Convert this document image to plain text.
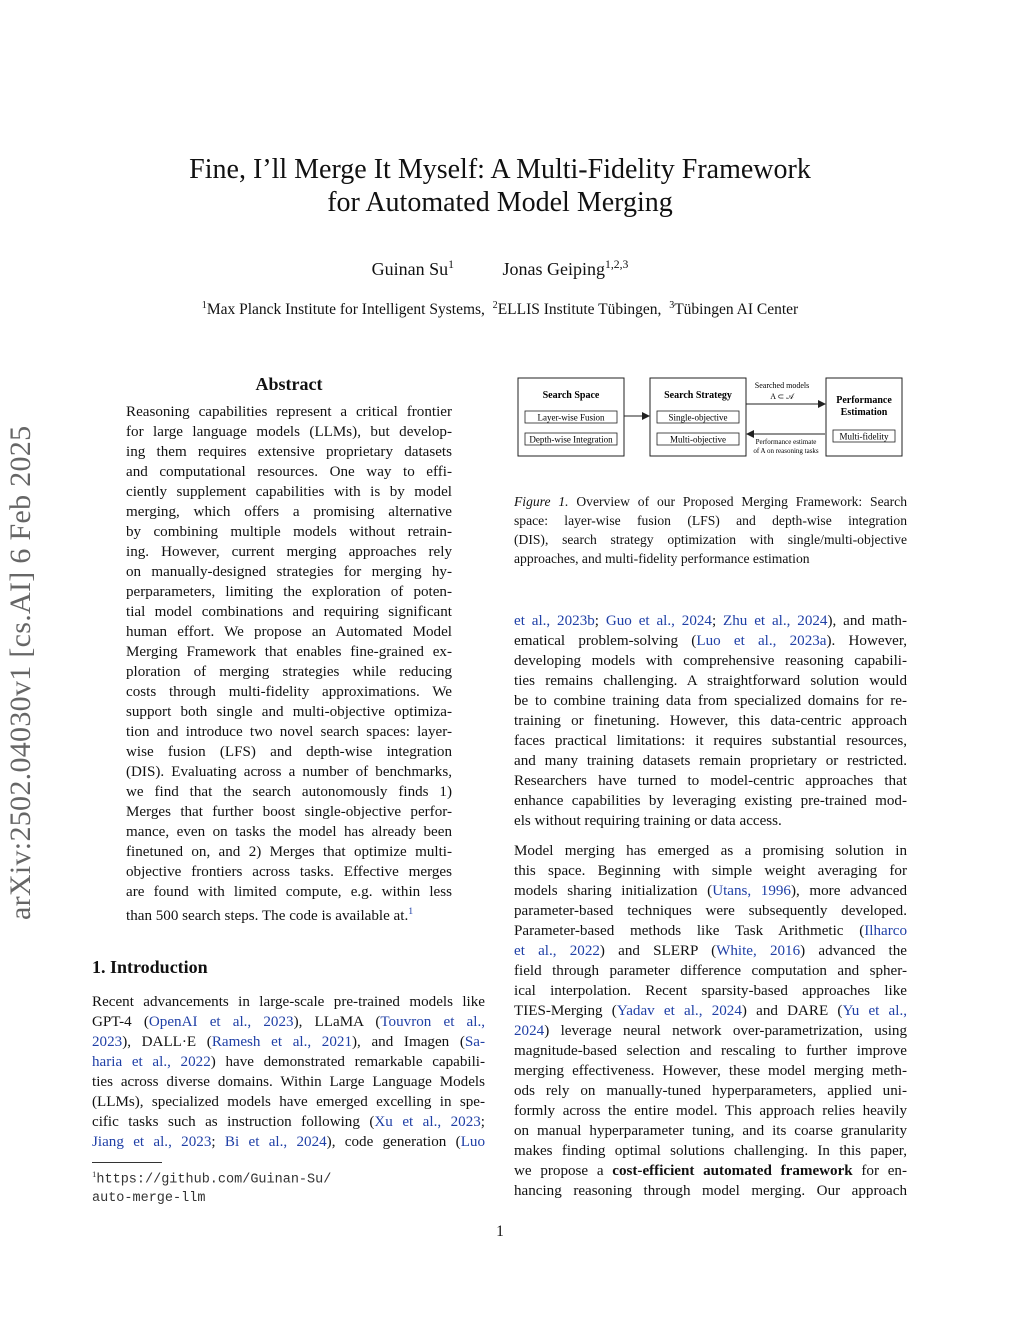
arXiv:2502.04030v1 [cs.AI] 6 Feb 2025
Fine, I’ll Merge It Myself: A Multi-Fidelity Framework
for Automated Model Merging
Guinan Su$^1$	Jonas Geiping$^{1,2,3}$
$^1$Max Planck Institute for Intelligent Systems, $^2$ELLIS Institute Tübingen, $^3$Tübingen AI Center
Abstract
Reasoning capabilities represent a critical frontier
for large language models (LLMs), but develop-
ing them requires extensive proprietary datasets
and computational resources. One way to effi-
ciently supplement capabilities with is by model
merging, which offers a promising alternative
by combining multiple models without retrain-
ing. However, current merging approaches rely
on manually-designed strategies for merging hy-
perparameters, limiting the exploration of poten-
tial model combinations and requiring significant
human effort. We propose an Automated Model
Merging Framework that enables fine-grained ex-
ploration of merging strategies while reducing
costs through multi-fidelity approximations. We
support both single and multi-objective optimiza-
tion and introduce two novel search spaces: layer-
wise fusion (LFS) and depth-wise integration
(DIS). Evaluating across a number of benchmarks,
we find that the search autonomously finds 1)
Merges that further boost single-objective perfor-
mance, even on tasks the model has already been
finetuned on, and 2) Merges that optimize multi-
objective frontiers across tasks. Effective merges
are found with limited compute, e.g. within less
than 500 search steps. The code is available at.$^1$
1. Introduction
Recent advancements in large-scale pre-trained models like
GPT-4 (OpenAI et al., 2023), LLaMA (Touvron et al.,
2023), DALL·E (Ramesh et al., 2021), and Imagen (Sa-
haria et al., 2022) have demonstrated remarkable capabili-
ties across diverse domains. Within Large Language Models
(LLMs), specialized models have emerged excelling in spe-
cific tasks such as instruction following (Xu et al., 2023;
Jiang et al., 2023; Bi et al., 2024), code generation (Luo
$^1$https://github.com/Guinan-Su/
auto-merge-llm
Search Space
Layer-wise Fusion
Depth-wise Integration
Search Strategy
Single-objective
Multi-objective
Searched models
A ⊂ 𝒜
Performance estimate
of A on reasoning tasks
Performance
Estimation
Multi-fidelity
Figure 1. Overview of our Proposed Merging Framework: Search
space: layer-wise fusion (LFS) and depth-wise integration
(DIS), search strategy optimization with single/multi-objective
approaches, and multi-fidelity performance estimation
et al., 2023b; Guo et al., 2024; Zhu et al., 2024), and math-
ematical problem-solving (Luo et al., 2023a). However,
developing models with comprehensive reasoning capabili-
ties remains challenging. A straightforward solution would
be to combine training data from specialized domains for re-
training or finetuning. However, this data-centric approach
faces practical limitations: it requires substantial resources,
and many training datasets remain proprietary or restricted.
Researchers have turned to model-centric approaches that
enhance capabilities by leveraging existing pre-trained mod-
els without requiring training or data access.
Model merging has emerged as a promising solution in
this space. Beginning with simple weight averaging for
models sharing initialization (Utans, 1996), more advanced
parameter-based techniques were subsequently developed.
Parameter-based methods like Task Arithmetic (Ilharco
et al., 2022) and SLERP (White, 2016) advanced the
field through parameter difference computation and spher-
ical interpolation. Recent sparsity-based approaches like
TIES-Merging (Yadav et al., 2024) and DARE (Yu et al.,
2024) leverage neural network over-parametrization, using
magnitude-based selection and rescaling to further improve
merging effectiveness. However, these model merging meth-
ods rely on manually-tuned hyperparameters, applied uni-
formly across the entire model. This approach relies heavily
on manual hyperparameter tuning, and its coarse granularity
makes finding optimal solutions challenging. In this paper,
we propose a cost-efficient automated framework for en-
hancing reasoning through model merging. Our approach
1
